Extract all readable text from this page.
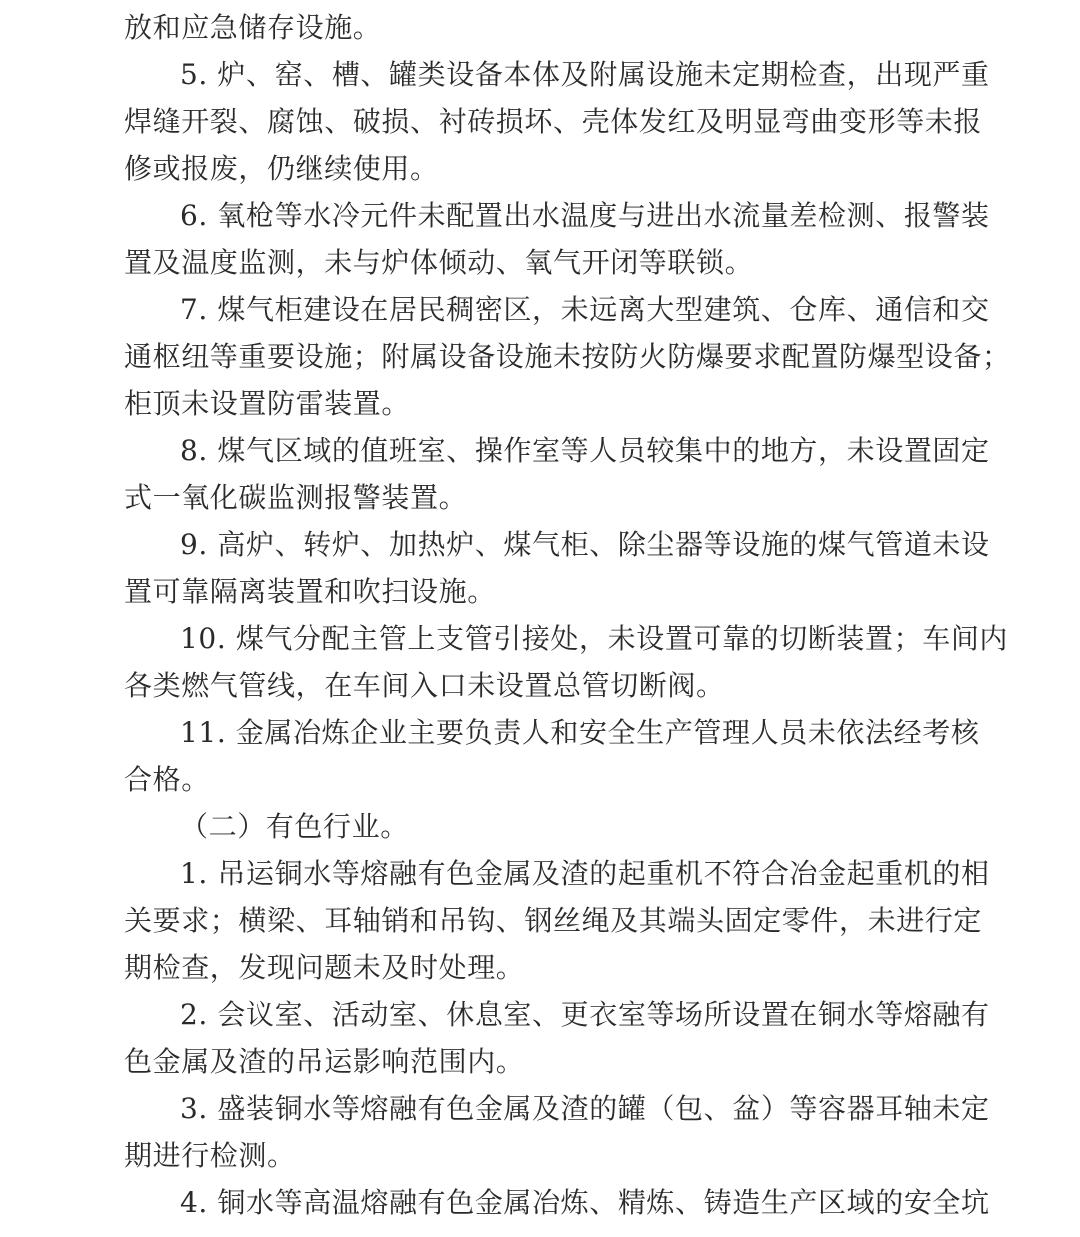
放和应急储存设施。
5. 炉、窑、槽、罐类设备本体及附属设施未定期检查，出现严重
焊缝开裂、腐蚀、破损、衬砖损坏、壳体发红及明显弯曲变形等未报
修或报废，仍继续使用。
6. 氧枪等水冷元件未配置出水温度与进出水流量差检测、报警装
置及温度监测，未与炉体倾动、氧气开闭等联锁。
7. 煤气柜建设在居民稠密区，未远离大型建筑、仓库、通信和交
通枢纽等重要设施；附属设备设施未按防火防爆要求配置防爆型设备；
柜顶未设置防雷装置。
8. 煤气区域的值班室、操作室等人员较集中的地方，未设置固定
式一氧化碳监测报警装置。
9. 高炉、转炉、加热炉、煤气柜、除尘器等设施的煤气管道未设
置可靠隔离装置和吹扫设施。
10. 煤气分配主管上支管引接处，未设置可靠的切断装置；车间内
各类燃气管线，在车间入口未设置总管切断阀。
11. 金属冶炼企业主要负责人和安全生产管理人员未依法经考核
合格。
（二）有色行业。
1. 吊运铜水等熔融有色金属及渣的起重机不符合冶金起重机的相
关要求；横梁、耳轴销和吊钩、钢丝绳及其端头固定零件，未进行定
期检查，发现问题未及时处理。
2. 会议室、活动室、休息室、更衣室等场所设置在铜水等熔融有
色金属及渣的吊运影响范围内。
3. 盛装铜水等熔融有色金属及渣的罐（包、盆）等容器耳轴未定
期进行检测。
4. 铜水等高温熔融有色金属冶炼、精炼、铸造生产区域的安全坑
